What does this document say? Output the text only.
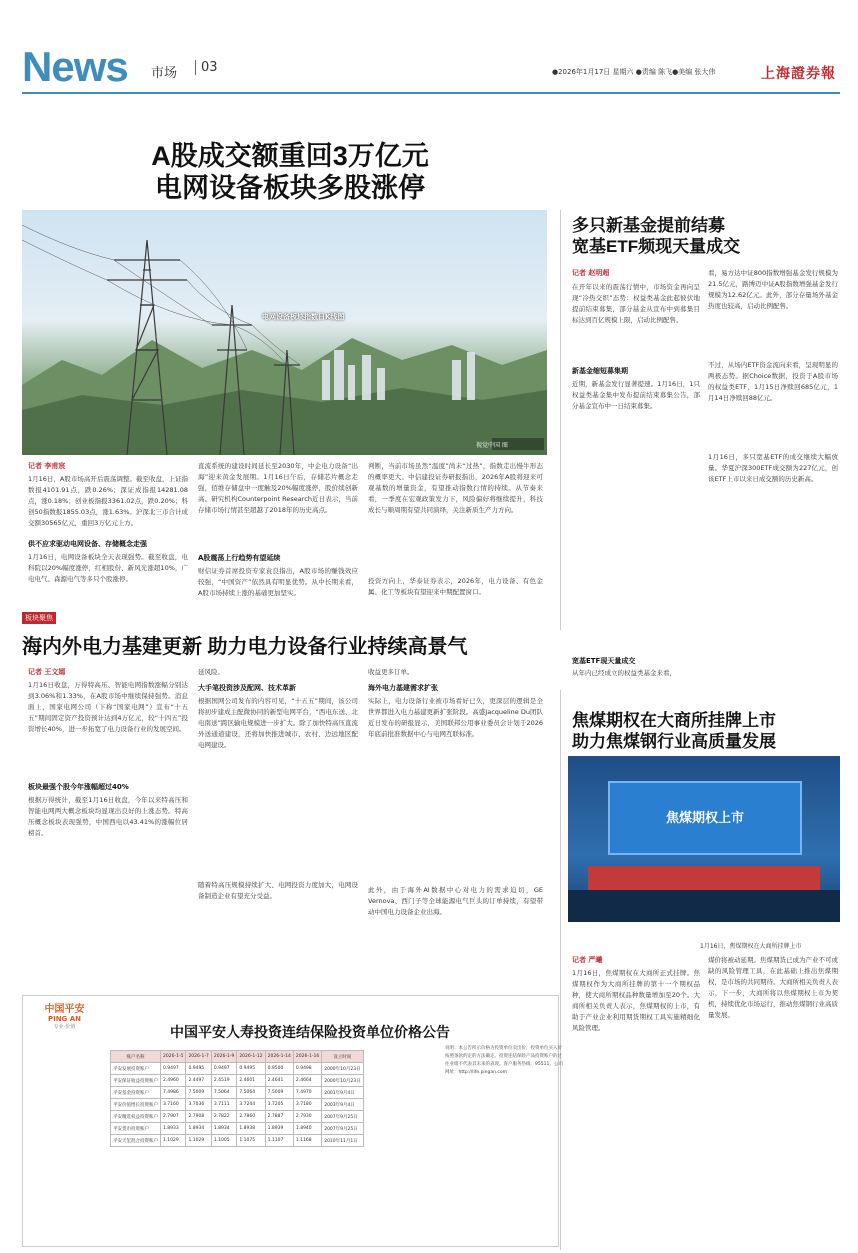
News 市场 03	●2026年1月17日 星期六 ●责编 陈飞●美编 张大伟	上海證券報
A股成交额重回3万亿元
电网设备板块多股涨停
电网设备板块指数日K线图
视觉中国 图
记者 李甫宸
1月16日，A股市场高开后震荡调整。截至收盘，上证指数报4101.91点，跌0.26%；深证成指报14281.08点，涨0.18%；创业板指报3361.02点，跌0.20%；科创50指数报1855.03点，涨1.63%。沪深北三市合计成交额30565亿元，重回3万亿元上方。
供不应求驱动电网设备、存储概念走强
1月16日，电网设备板块全天表现强势。截至收盘，电科院以20%幅度涨停，红相股份、新风光涨超10%，广电电气、森源电气等多只个股涨停。
直流系统的建设时间延长至2030年，中企电力设备“出海”迎来黄金发展期。1月16日午后，存储芯片概念走强，佰维存储盘中一度触及20%幅度涨停，股价续创新高。研究机构Counterpoint Research近日表示，当前存储市场行情甚至超越了2018年的历史高点。
A股震荡上行趋势有望延续
财信证券首席投资专家袁良指出，A股市场的赚钱效应较强，“中国资产”依然具有明显优势。从中长期来看，A股市场持续上涨的基础更加坚实。
判断，当前市场虽然“温度”尚未“过热”，指数走出慢牛形态的概率更大。中信建投证券研报指出，2026年A股将迎来可观基数的增量资金，有望推动指数行情的持续。从节奏来看，一季度在宏观政策发力下，风险偏好将继续提升，科技成长与顺周期有望共同演绎，关注新质生产力方向。
投资方向上，华泰证券表示，2026年，电力设备、有色金属、化工等板块有望迎来中期配置窗口。
多只新基金提前结募
宽基ETF频现天量成交
记者 赵明超
在开年以来的震荡行情中，市场资金再向呈现“冷热交织”态势：权益类基金此起彼伏地提前结束募集，部分基金从宣布中到募集目标达到百亿规模上限，启动比例配售。
新基金缩短募集期
近期，新基金发行显著提速。1月16日，1只权益类基金集中发布提前结束募集公告，部分基金宣布中一日结束募集。
宽基ETF现天量成交
从年内已经成立的权益类基金来看，
看，易方达中证800指数增强基金发行规模为21.5亿元，路博迈中证A股指数增强基金发行规模为12.62亿元。此外，部分存量场外基金热度也较高，启动比例配售。
不过，从场内ETF资金流向来看，呈现明显的两极态势。据Choice数据，投资于A股市场的权益类ETF，1月15日净赎回685亿元，1月14日净赎回88亿元。
1月16日，多只宽基ETF的成交继续大幅放量。华夏沪深300ETF成交额为227亿元，创该ETF上市以来日成交额的历史新高。
板块聚焦
海内外电力基建更新 助力电力设备行业持续高景气
记者 王文嫣
1月16日收盘，万得特高压、智能电网指数涨幅分别达到3.06%和1.33%，在A股市场中继续保持强势。消息面上，国家电网公司（下称“国家电网”）宣布“十五五”期间固定资产投资预计达到4万亿元，较“十四五”投资增长40%，进一步拓宽了电力设备行业的发展空间。
板块最强个股今年涨幅超过40%
根据万得统计，截至1月16日收盘，今年以来特高压和智能电网两大概念板块均显现出良好的上涨态势。特高压概念板块表现强势，中国西电以43.41%的涨幅位居榜首。
延风险。
大手笔投资涉及配网、技术革新
根据国网公司发布的内容可见，“十五五”期间，该公司将初步建成主配微协同的新型电网平台，“西电东送、北电南送”跨区输电规模进一步扩大。除了加快特高压直流外送通道建设，还将加快推进城市、农村、边远地区配电网建设。
随着特高压规模持续扩大、电网投资力度加大，电网设备制造企业有望充分受益。
收益更多订单。
海外电力基建需求扩张
实际上，电力设备行业被市场看好已久，更深层的逻辑是全世界都进入电力基建更新扩张阶段。高盛Jacqueline Du团队近日发布的研报显示，美国联邦公用事业委员会计划于2026年底前批准数据中心与电网互联标准。
此外，由于海外AI数据中心对电力的需求迫切，GE Vernova、西门子等全球能源电气巨头的订单持续，有望带动中国电力设备企业出海。
焦煤期权在大商所挂牌上市
助力焦煤钢行业高质量发展
焦煤期权上市
1月16日，焦煤期权在大商所挂牌上市
记者 严曦
1月16日，焦煤期权在大商所正式挂牌。焦煤期权作为大商所挂牌的第十一个期权品种，使大商所期权品种数量增加至20个。大商所相关负责人表示，焦煤期权的上市，有助于产业企业利用期货期权工具实施精细化风险管理。
煤价将被动延期。焦煤期货已成为产业不可或缺的风险管理工具，在此基础上推出焦煤期权，是市场的共同期待。大商所相关负责人表示，下一步，大商所将以焦煤期权上市为契机，持续优化市场运行，推动焦煤钢行业高质量发展。
中国平安
PING AN
专业·价值	中国平安人寿投资连结保险投资单位价格公告
账户名称	2026-1-5	2026-1-7	2026-1-9	2026-1-12	2026-1-14	2026-1-16	设立时间
平安发展投资账户	0.9497	0.9495	0.9497	0.9495	0.9500	0.9498	2000年10月23日
平安保证收益投资账户	2.4960	2.4497	2.4519	2.4601	2.4641	2.4664	2000年10月23日
平安基金投资账户	7.4986	7.5009	7.5064	7.5064	7.5009	7.4970	2001年9月4日
平安价值增长投资账户	3.7160	3.7036	3.7111	3.7244	3.7205	3.7180	2003年9月4日
平安精选权益投资账户	2.7907	2.7908	2.7822	2.7860	2.7887	2.7930	2007年9月25日
平安货币投资账户	1.8933	1.8934	1.8934	1.8938	1.8939	1.8940	2007年9月25日
平安天玺混合投资账户	1.1029	1.1029	1.1005	1.1075	1.1107	1.1168	2010年11月1日
说明：本公告所示价格为投资单位卖出价，投资单位买入价按照条款约定的方法确定。投资连结保险产品投资账户的过往业绩不代表其未来的表现。客户服务热线：95511。公司网址：http://life.pingan.com
